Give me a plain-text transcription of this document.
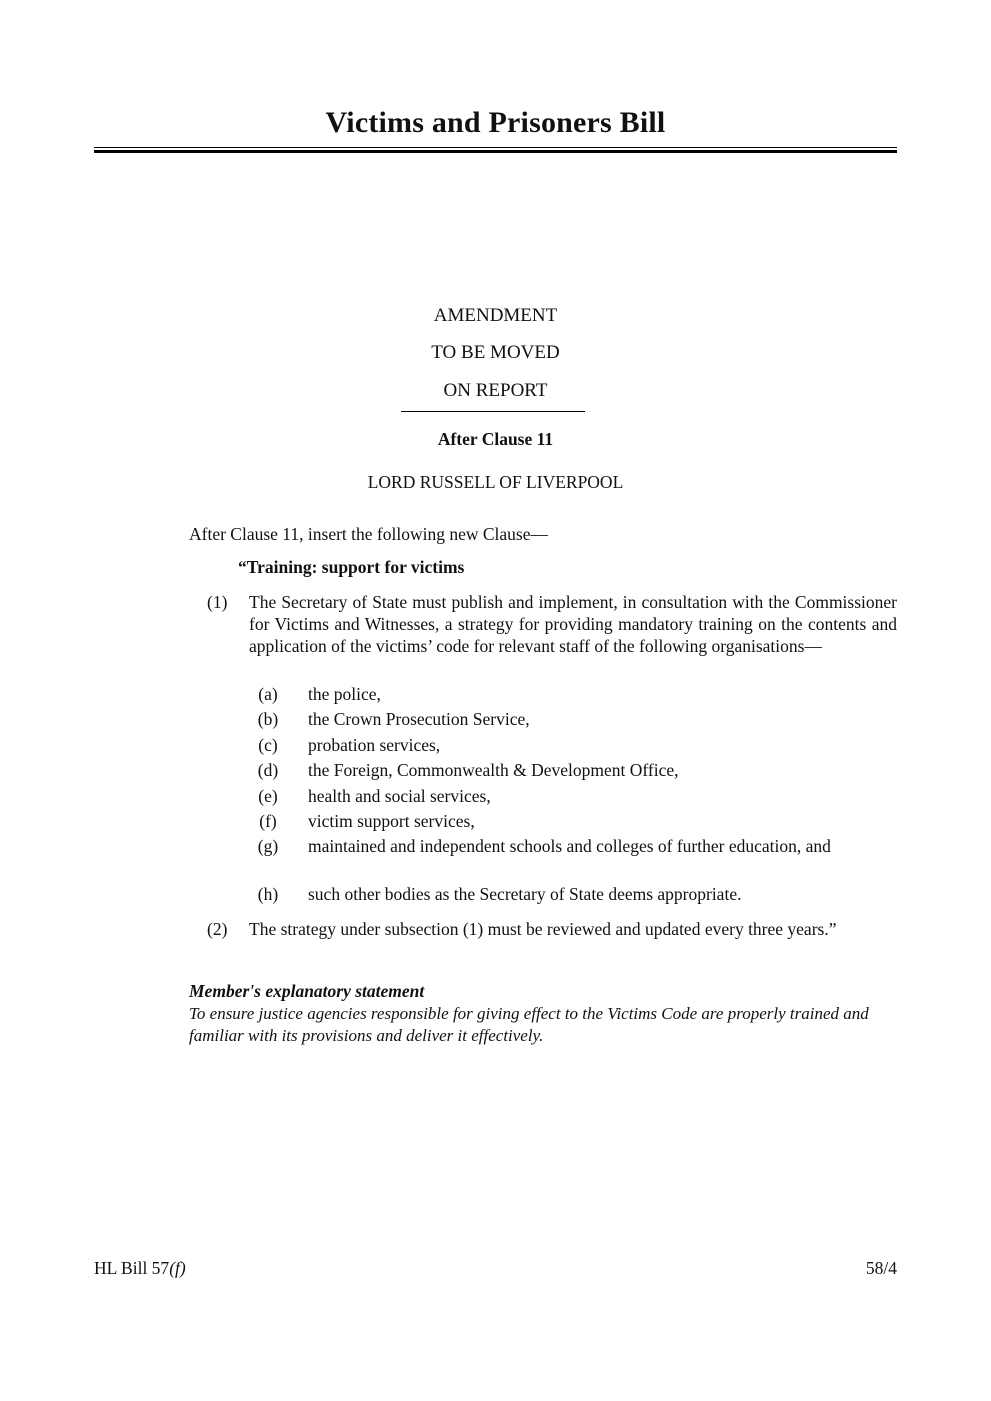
Victims and Prisoners Bill
AMENDMENT
TO BE MOVED
ON REPORT
After Clause 11
LORD RUSSELL OF LIVERPOOL
After Clause 11, insert the following new Clause—
“Training: support for victims
(1) The Secretary of State must publish and implement, in consultation with the Commissioner for Victims and Witnesses, a strategy for providing mandatory training on the contents and application of the victims’ code for relevant staff of the following organisations—
(a)	the police,
(b)	the Crown Prosecution Service,
(c)	probation services,
(d)	the Foreign, Commonwealth & Development Office,
(e)	health and social services,
(f)	victim support services,
(g)	maintained and independent schools and colleges of further education, and
(h)	such other bodies as the Secretary of State deems appropriate.
(2) The strategy under subsection (1) must be reviewed and updated every three years.”
Member's explanatory statement
To ensure justice agencies responsible for giving effect to the Victims Code are properly trained and familiar with its provisions and deliver it effectively.
HL Bill 57(f)	58/4
